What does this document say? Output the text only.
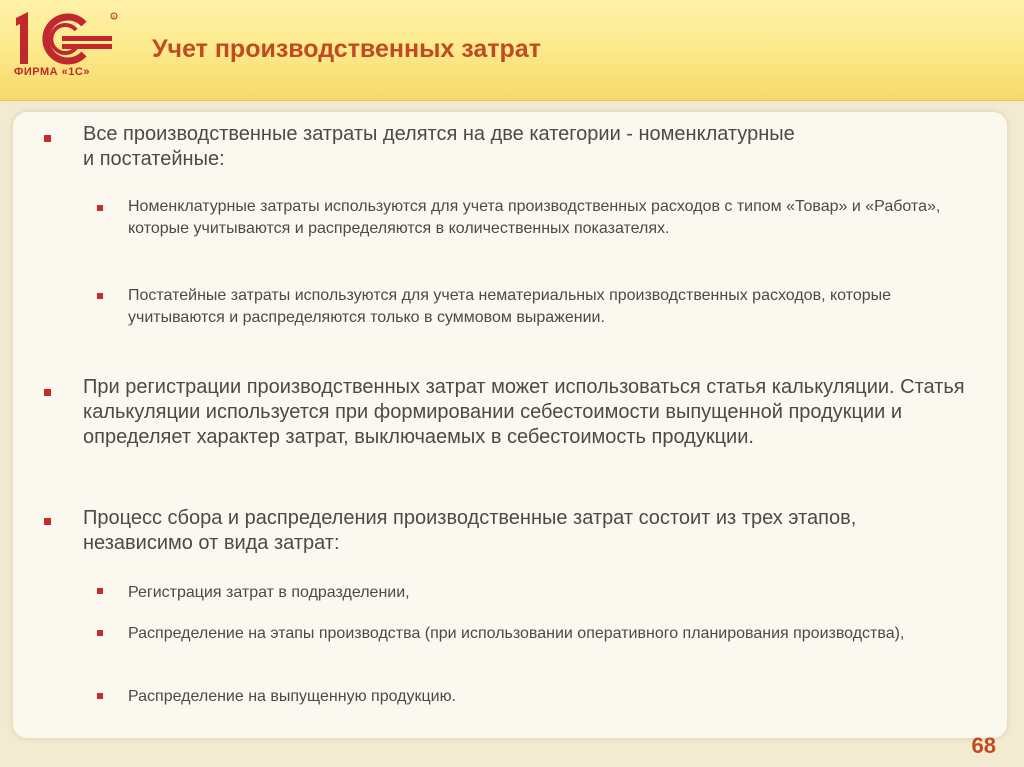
R
ФИРМА «1С»
Учет производственных затрат
Все производственные затраты делятся на две категории - номенклатурные и постатейные:
Номенклатурные затраты используются для учета производственных расходов с типом «Товар» и «Работа», которые учитываются и распределяются в количественных показателях.
Постатейные затраты используются для учета нематериальных производственных расходов, которые учитываются и распределяются только в суммовом выражении.
При регистрации производственных затрат может использоваться статья калькуляции. Статья калькуляции используется при формировании себестоимости выпущенной продукции и определяет характер затрат, выключаемых в себестоимость продукции.
Процесс сбора и распределения производственные затрат состоит из трех этапов, независимо от вида затрат:
Регистрация затрат в подразделении,
Распределение на этапы производства (при использовании оперативного планирования производства),
Распределение на выпущенную продукцию.
68
